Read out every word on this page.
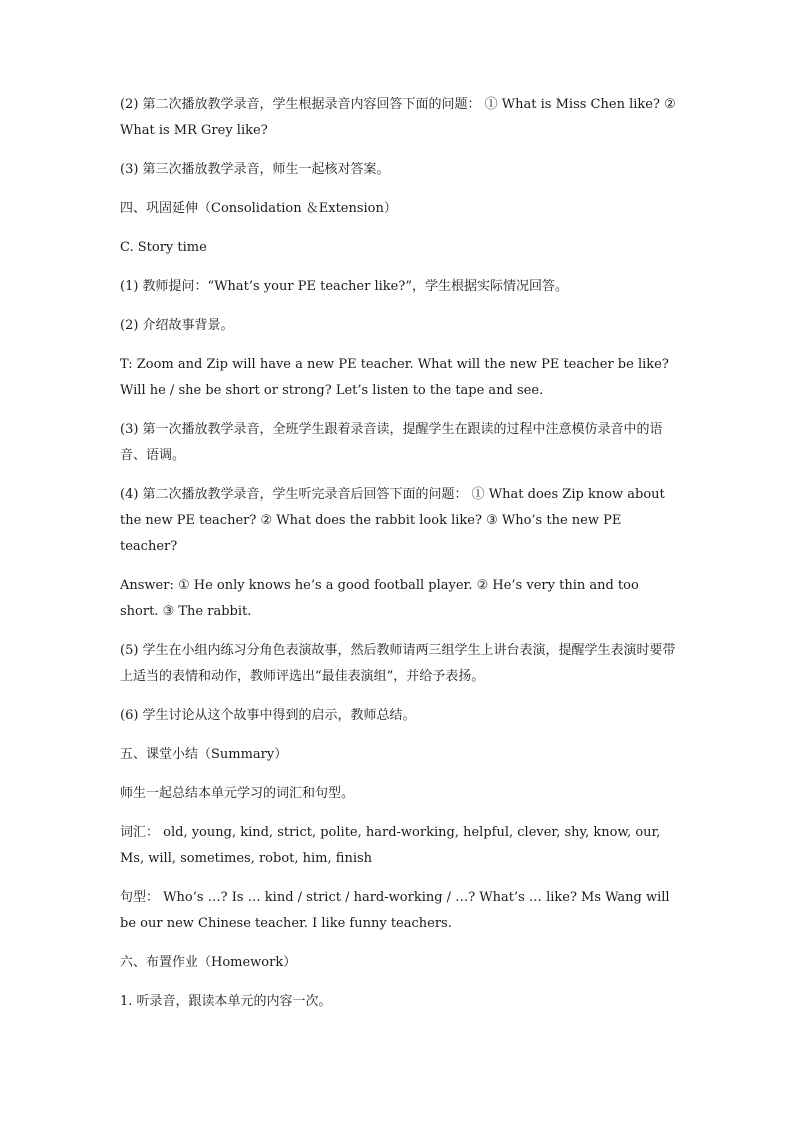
(2) 第二次播放教学录音，学生根据录音内容回答下面的问题： ① What is Miss Chen like? ② What is MR Grey like?

(3) 第三次播放教学录音，师生一起核对答案。

四、巩固延伸（Consolidation ＆Extension）

C. Story time

(1) 教师提问：“What’s your PE teacher like?”，学生根据实际情况回答。

(2) 介绍故事背景。

T: Zoom and Zip will have a new PE teacher. What will the new PE teacher be like? Will he / she be short or strong? Let’s listen to the tape and see.

(3) 第一次播放教学录音，全班学生跟着录音读，提醒学生在跟读的过程中注意模仿录音中的语音、语调。

(4) 第二次播放教学录音，学生听完录音后回答下面的问题： ① What does Zip know about the new PE teacher? ② What does the rabbit look like? ③ Who’s the new PE teacher?

Answer: ① He only knows he’s a good football player. ② He’s very thin and too short. ③ The rabbit.

(5) 学生在小组内练习分角色表演故事，然后教师请两三组学生上讲台表演，提醒学生表演时要带上适当的表情和动作，教师评选出“最佳表演组”，并给予表扬。

(6) 学生讨论从这个故事中得到的启示，教师总结。

五、课堂小结（Summary）

师生一起总结本单元学习的词汇和句型。

词汇： old, young, kind, strict, polite, hard-working, helpful, clever, shy, know, our, Ms, will, sometimes, robot, him, finish

句型： Who’s …? Is … kind / strict / hard-working / …? What’s … like? Ms Wang will be our new Chinese teacher. I like funny teachers.

六、布置作业（Homework）

1. 听录音，跟读本单元的内容一次。
